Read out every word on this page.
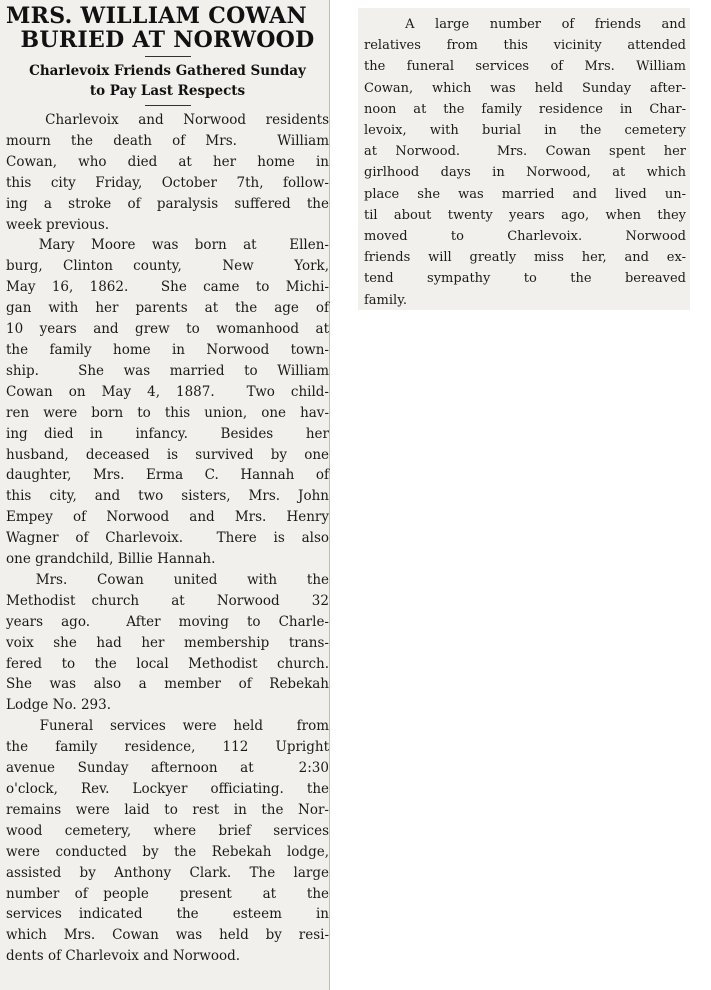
MRS. WILLIAM COWAN
BURIED AT NORWOOD
Charlevoix Friends Gathered Sunday
to Pay Last Respects
Charlevoix and Norwood residents
mourn the death of Mrs.  William
Cowan, who died at her home in
this city Friday, October 7th, follow-
ing a stroke of paralysis suffered the
week previous.
Mary Moore was born at  Ellen-
burg, Clinton county,  New  York,
May 16, 1862.  She came to Michi-
gan with her parents at the age of
10 years and grew to womanhood at
the family home in Norwood town-
ship.  She was married to William
Cowan on May 4, 1887.  Two child-
ren were born to this union, one hav-
ing died in  infancy.  Besides  her
husband, deceased is survived by one
daughter, Mrs. Erma C. Hannah of
this city, and two sisters, Mrs. John
Empey of Norwood and Mrs. Henry
Wagner of Charlevoix.  There is also
one grandchild, Billie Hannah.
Mrs.  Cowan  united  with  the
Methodist church  at  Norwood  32
years ago.  After moving to Charle-
voix she had her membership trans-
fered to the local Methodist church.
She was also a member of Rebekah
Lodge No. 293.
Funeral services were held  from
the family residence, 112 Upright
avenue Sunday afternoon at  2:30
o'clock, Rev. Lockyer officiating. the
remains were laid to rest in the Nor-
wood cemetery, where brief services
were conducted by the Rebekah lodge,
assisted by Anthony Clark. The large
number of people  present  at  the
services indicated  the  esteem  in
which Mrs. Cowan was held by resi-
dents of Charlevoix and Norwood.
A large number of friends and
relatives from this vicinity attended
the funeral services of Mrs. William
Cowan, which was held Sunday after-
noon at the family residence in Char-
levoix, with burial in the cemetery
at Norwood.  Mrs. Cowan spent her
girlhood days in Norwood, at which
place she was married and lived un-
til about twenty years ago, when they
moved  to  Charlevoix.  Norwood
friends will greatly miss her, and ex-
tend  sympathy  to  the  bereaved
family.
